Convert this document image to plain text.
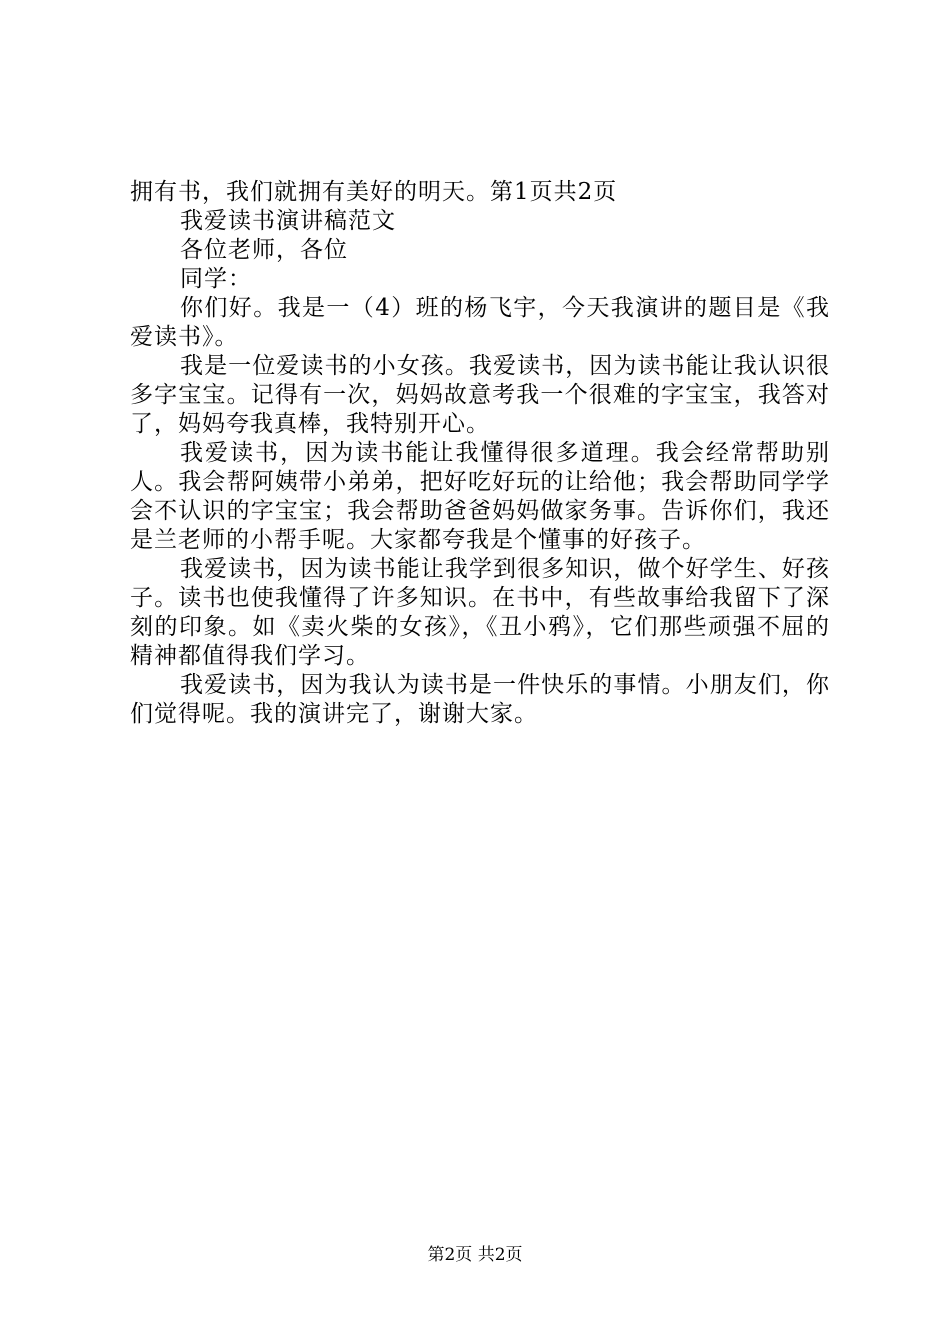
拥有书，我们就拥有美好的明天。第1页共2页

我爱读书演讲稿范文

各位老师，各位

同学：

你们好。我是一（4）班的杨飞宇，今天我演讲的题目是《我爱读书》。

我是一位爱读书的小女孩。我爱读书，因为读书能让我认识很多字宝宝。记得有一次，妈妈故意考我一个很难的字宝宝，我答对了，妈妈夸我真棒，我特别开心。

我爱读书，因为读书能让我懂得很多道理。我会经常帮助别人。我会帮阿姨带小弟弟，把好吃好玩的让给他；我会帮助同学学会不认识的字宝宝；我会帮助爸爸妈妈做家务事。告诉你们，我还是兰老师的小帮手呢。大家都夸我是个懂事的好孩子。

我爱读书，因为读书能让我学到很多知识，做个好学生、好孩子。读书也使我懂得了许多知识。在书中，有些故事给我留下了深刻的印象。如《卖火柴的女孩》，《丑小鸦》，它们那些顽强不屈的精神都值得我们学习。

我爱读书，因为我认为读书是一件快乐的事情。小朋友们，你们觉得呢。我的演讲完了，谢谢大家。

第2页 共2页
